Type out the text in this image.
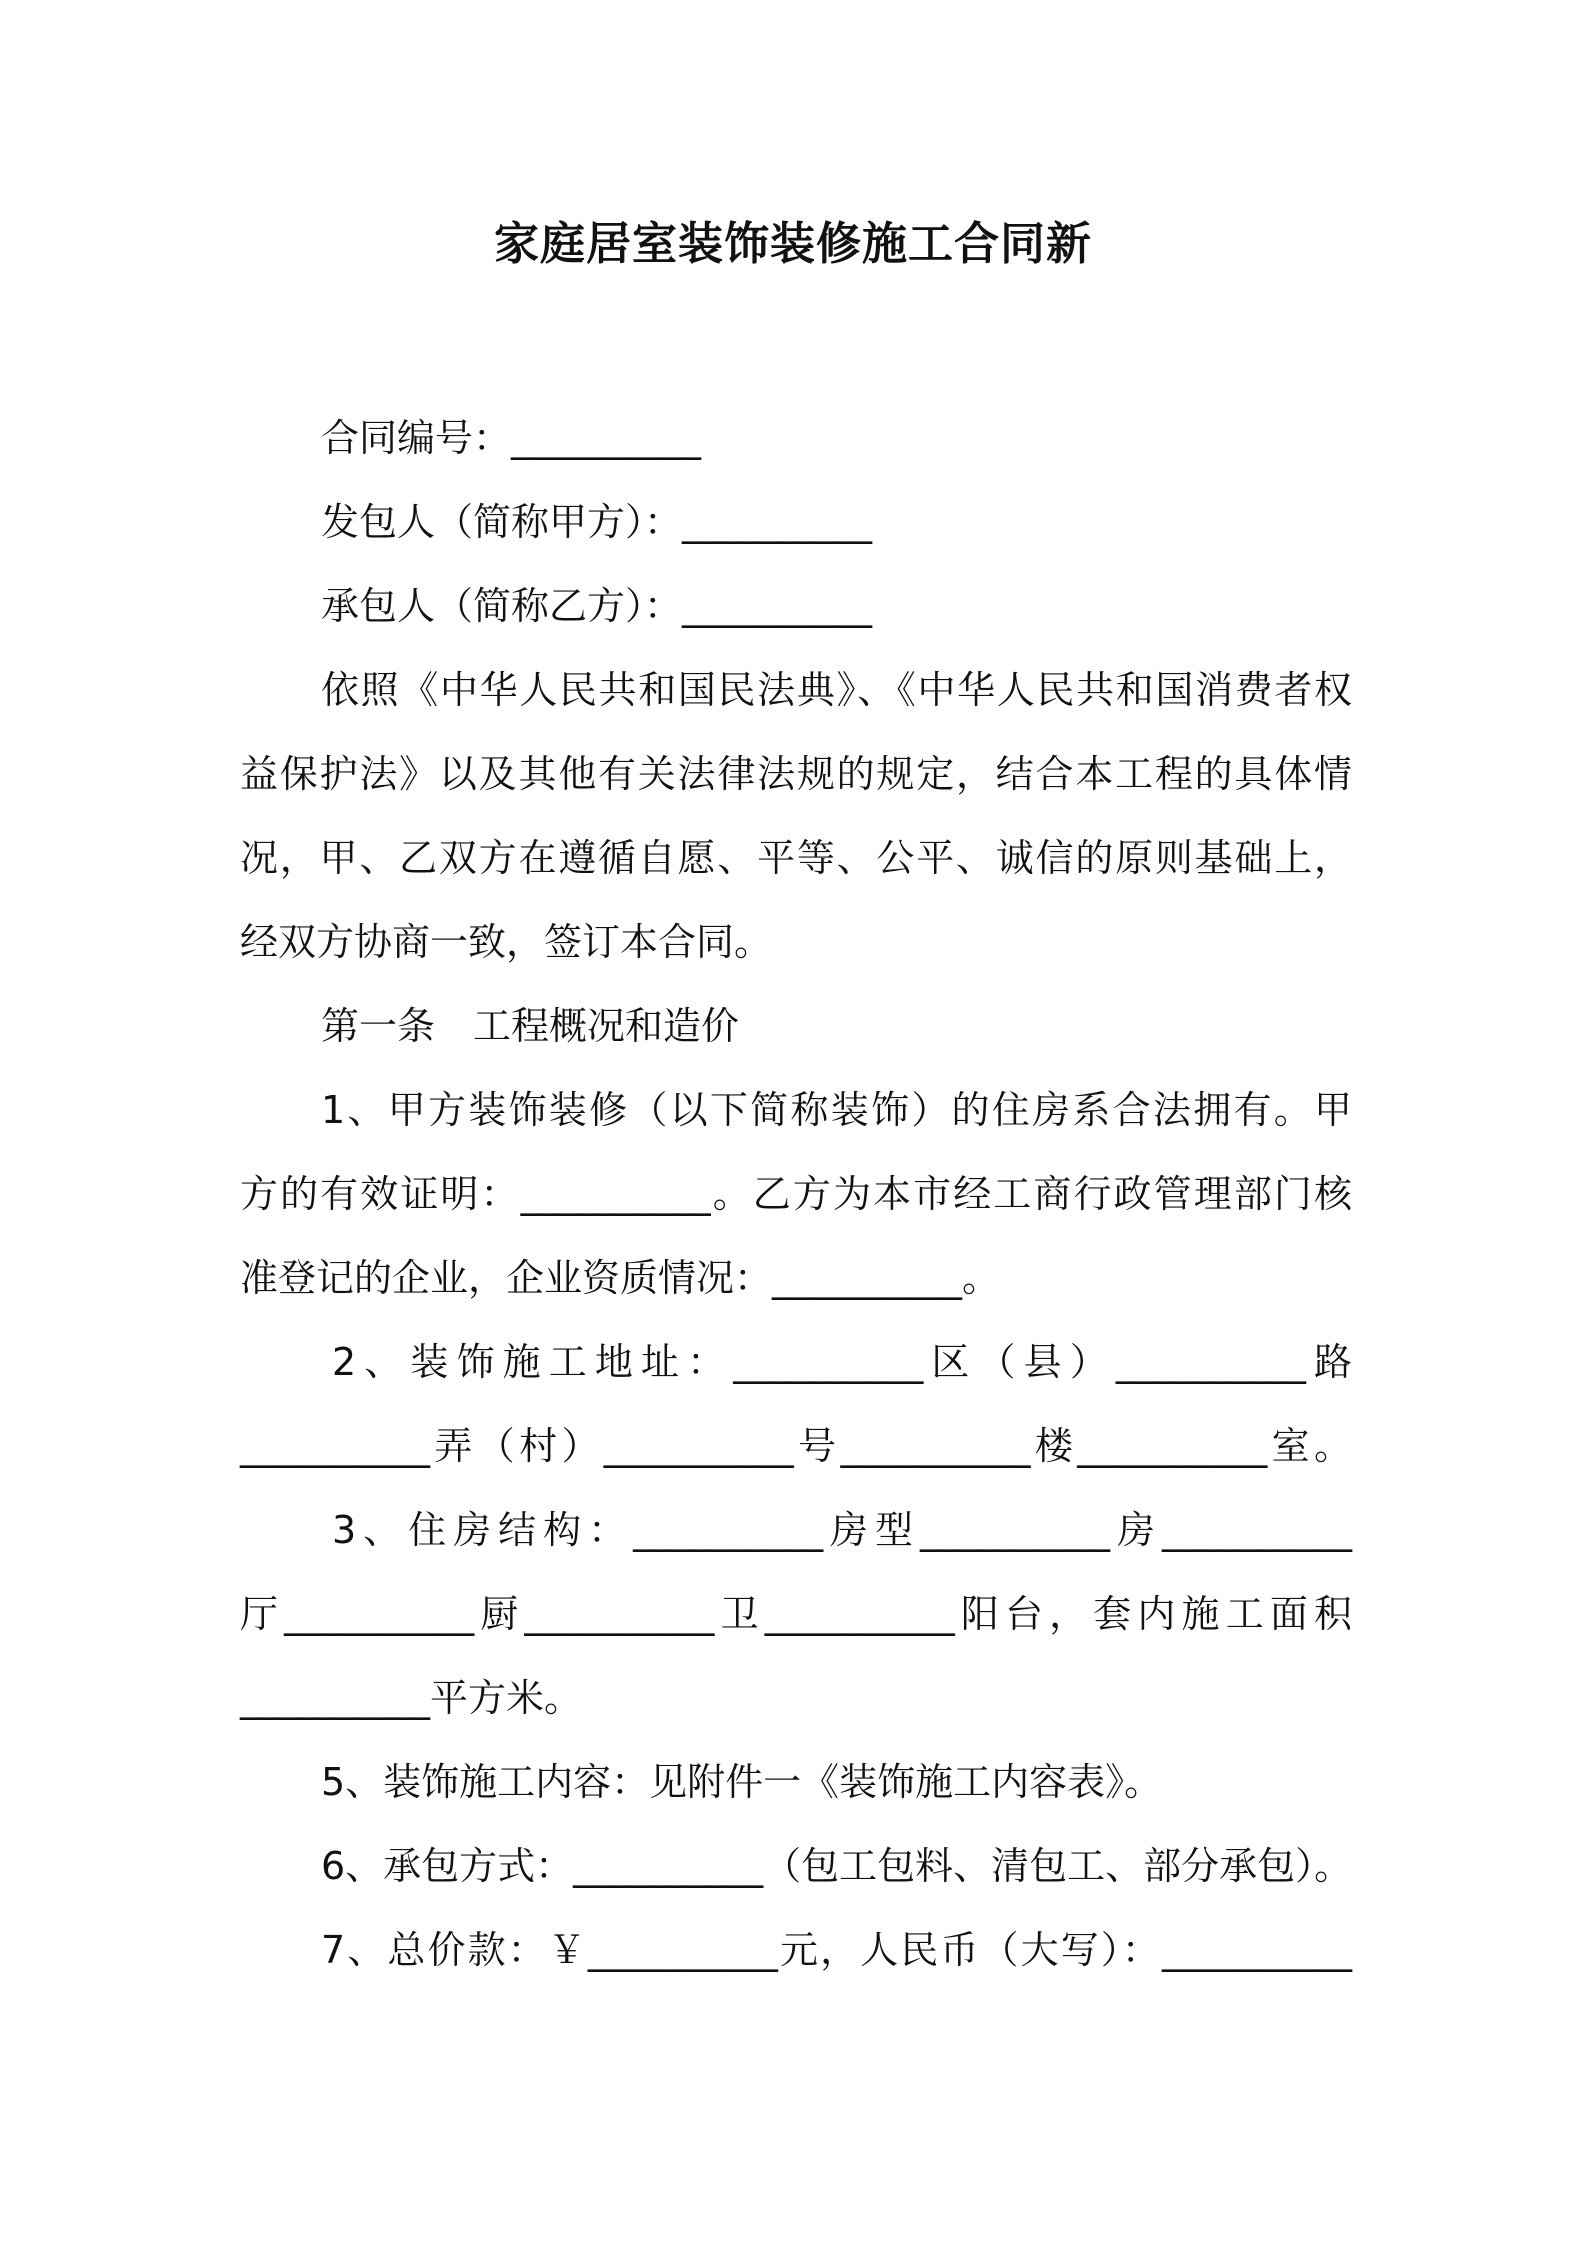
家庭居室装饰装修施工合同新
合同编号：__________
发包人（简称甲方）：__________
承包人（简称乙方）：__________
依照《中华人民共和国民法典》、《中华人民共和国消费者权
益保护法》以及其他有关法律法规的规定，结合本工程的具体情
况，甲、乙双方在遵循自愿、平等、公平、诚信的原则基础上，
经双方协商一致，签订本合同。
第一条　工程概况和造价
1、甲方装饰装修（以下简称装饰）的住房系合法拥有。甲
方的有效证明：__________。乙方为本市经工商行政管理部门核
准登记的企业，企业资质情况：__________。
2、装饰施工地址：__________区（县）__________路
__________弄（村）__________号__________楼__________室。
3、住房结构：__________房型__________房__________
厅__________厨__________卫__________阳台，套内施工面积
__________平方米。
5、装饰施工内容：见附件一《装饰施工内容表》。
6、承包方式：__________（包工包料、清包工、部分承包）。
7、总价款：￥__________元，人民币（大写）：__________
